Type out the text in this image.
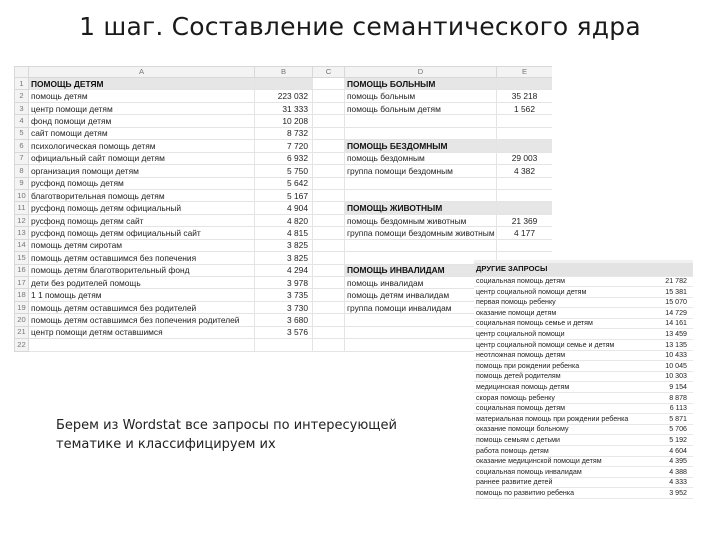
1 шаг. Составление семантического ядра
	A	B	C	D	E
1	ПОМОЩЬ ДЕТЯМ			ПОМОЩЬ БОЛЬНЫМ	
2	помощь детям	223 032		помощь больным	35 218
3	центр помощи детям	31 333		помощь больным детям	1 562
4	фонд помощи детям	10 208			
5	сайт помощи детям	8 732			
6	психологическая помощь детям	7 720		ПОМОЩЬ БЕЗДОМНЫМ	
7	официальный сайт помощи детям	6 932		помощь бездомным	29 003
8	организация помощи детям	5 750		группа помощи бездомным	4 382
9	русфонд помощь детям	5 642			
10	благотворительная помощь детям	5 167			
11	русфонд помощь детям официальный	4 904		ПОМОЩЬ ЖИВОТНЫМ	
12	русфонд помощь детям сайт	4 820		помощь бездомным животным	21 369
13	русфонд помощь детям официальный сайт	4 815		группа помощи бездомным животным	4 177
14	помощь детям сиротам	3 825			
15	помощь детям оставшимся без попечения	3 825			
16	помощь детям благотворительный фонд	4 294		ПОМОЩЬ ИНВАЛИДАМ	
17	дети без родителей помощь	3 978		помощь инвалидам	
18	1 1 помощь детям	3 735		помощь детям инвалидам	
19	помощь детям оставшимся без родителей	3 730		группа помощи инвалидам	
20	помощь детям оставшимся без попечения родителей	3 680			
21	центр помощи детям оставшимся	3 576			
22					

ДРУГИЕ ЗАПРОСЫ	
социальная помощь детям	21 782
центр социальной помощи детям	15 381
первая помощь ребенку	15 070
оказание помощи детям	14 729
социальная помощь семье и детям	14 161
центр социальной помощи	13 459
центр социальной помощи семье и детям	13 135
неотложная помощь детям	10 433
помощь при рождении ребенка	10 045
помощь детей родителям	10 303
медицинская помощь детям	9 154
скорая помощь ребенку	8 878
социальная помощь детям	6 113
материальная помощь при рождении ребенка	5 871
оказание помощи больному	5 706
помощь семьям с детьми	5 192
работа помощь детям	4 604
оказание медицинской помощи детям	4 395
социальная помощь инвалидам	4 388
раннее развитие детей	4 333
помощь по развитию ребенка	3 952
Берем из Wordstat все запросы по интересующей тематике и классифицируем их
